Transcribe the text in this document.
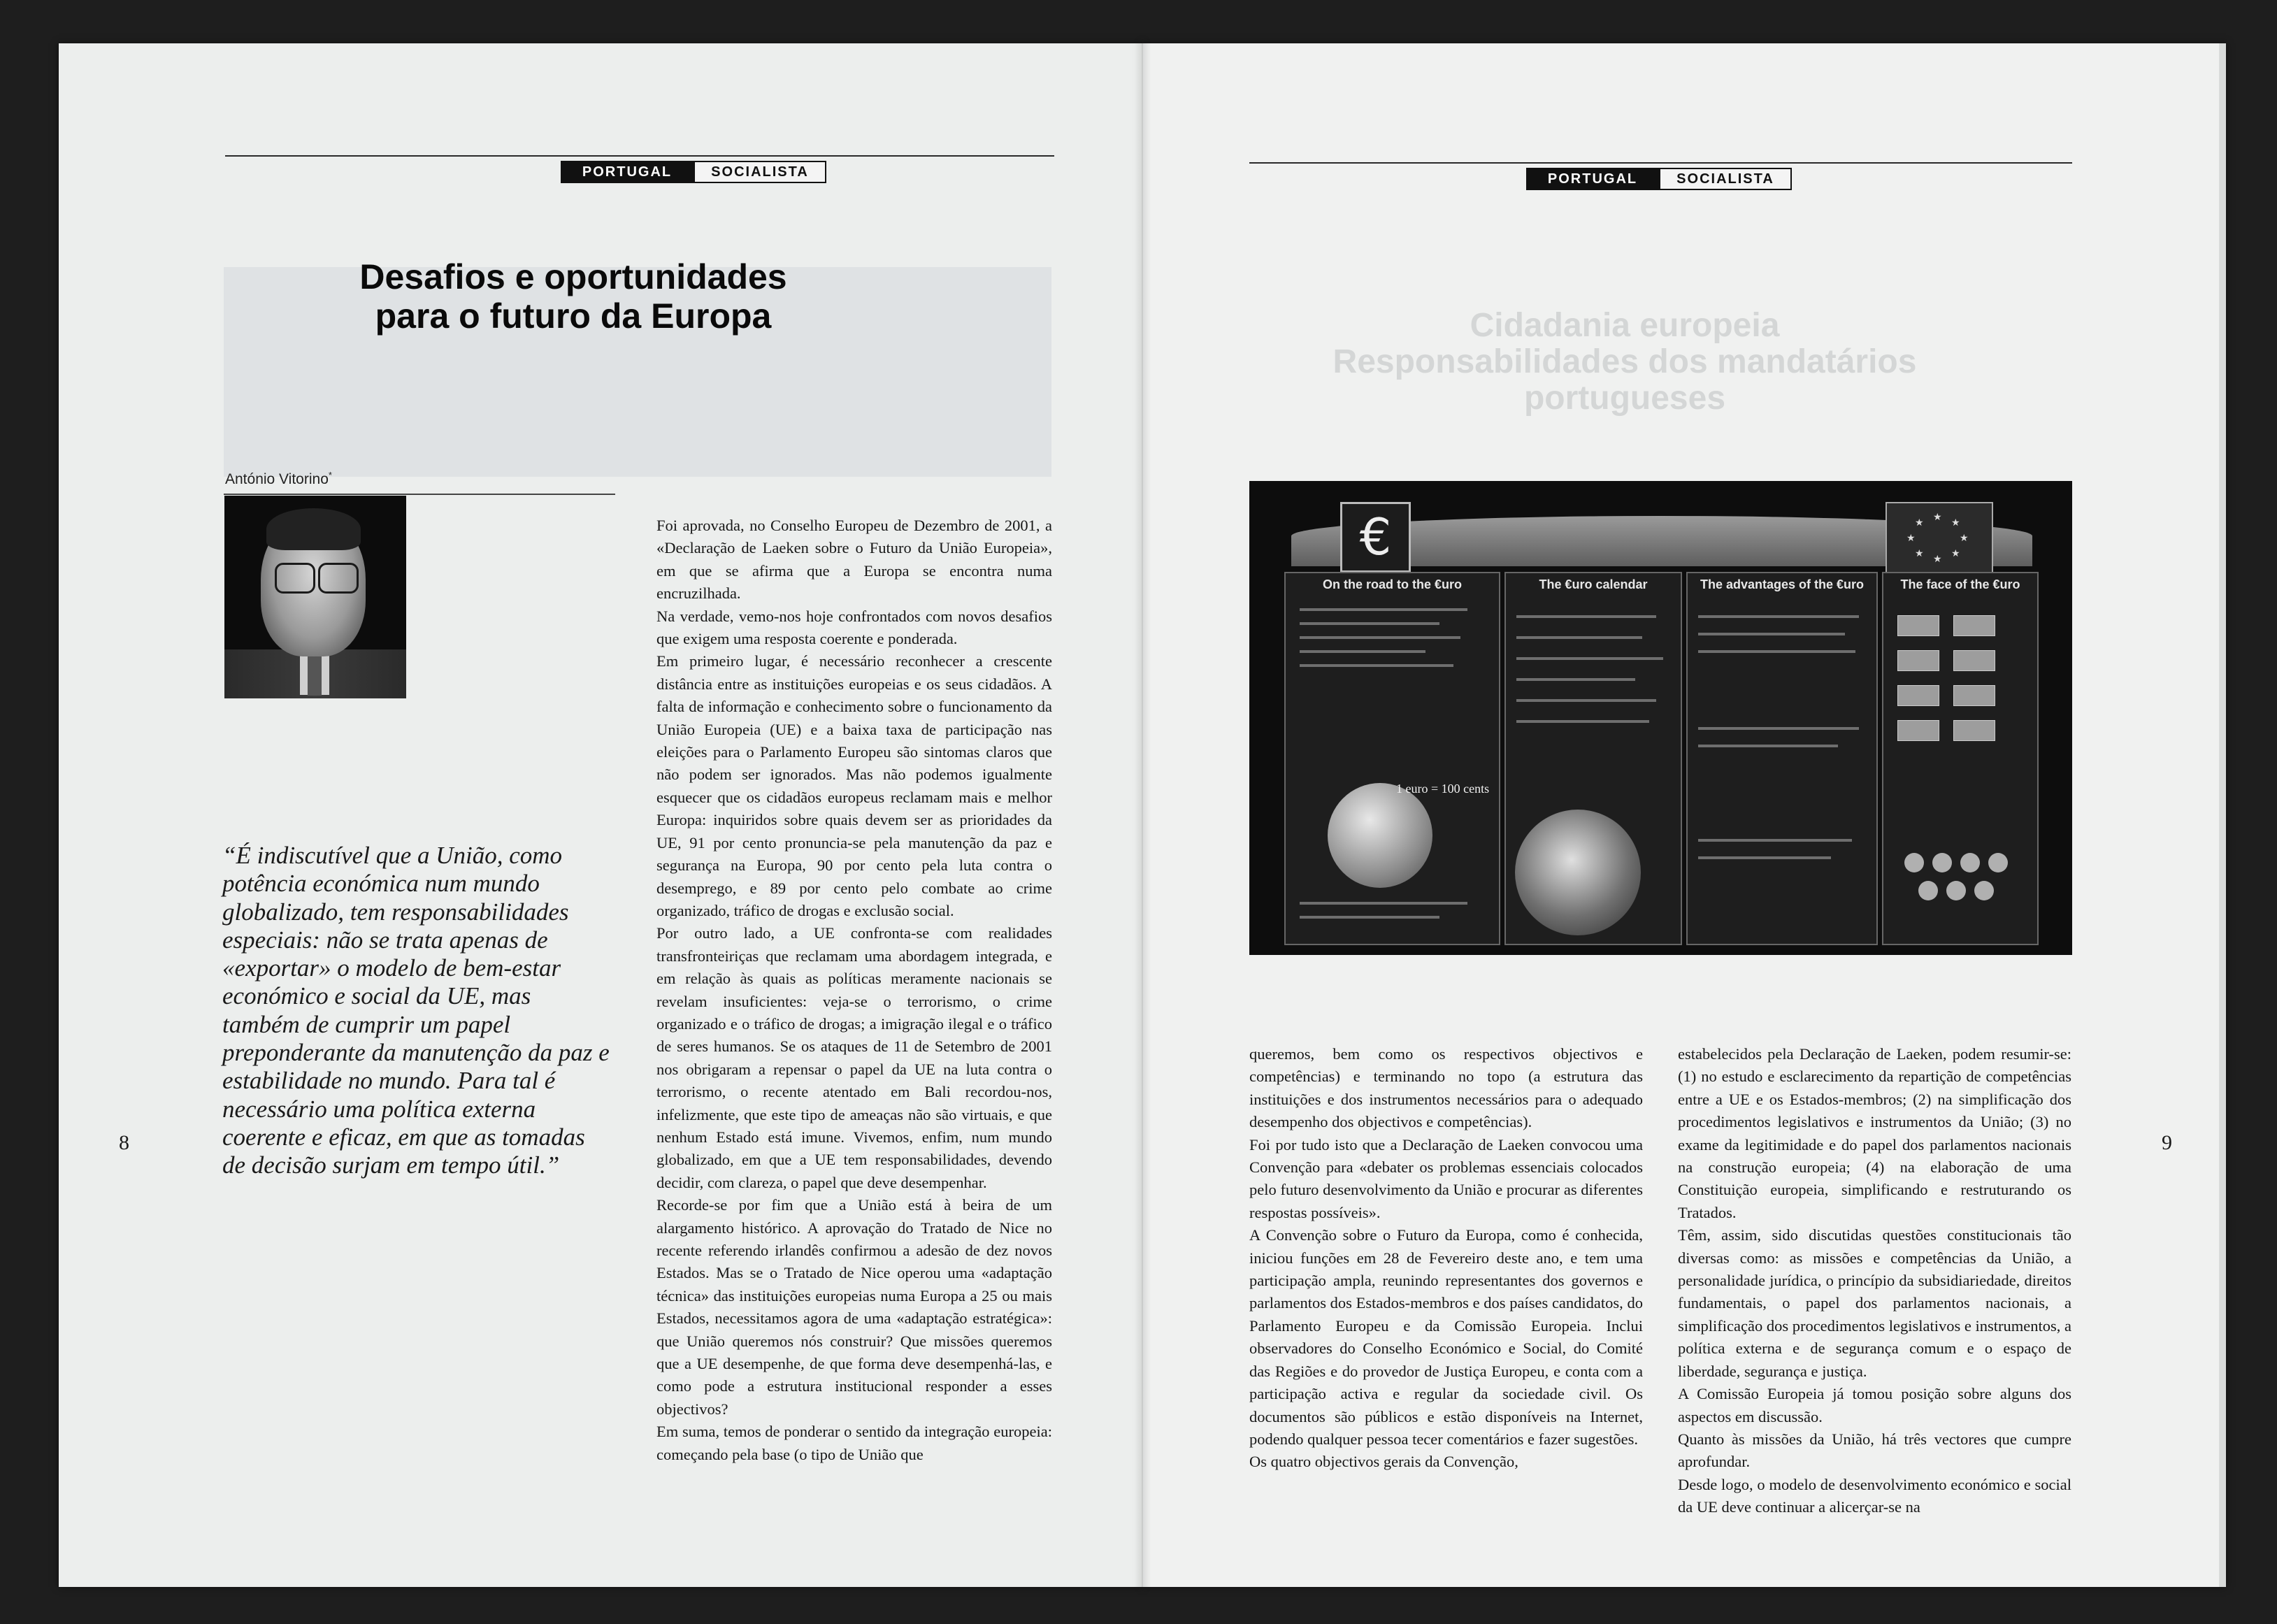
PORTUGAL	SOCIALISTA
Desafios e oportunidades
para o futuro da Europa
António Vitorino*
“É indiscutível que a União, como potência económica num mundo globalizado, tem responsabilidades especiais: não se trata apenas de «exportar» o modelo de bem-estar económico e social da UE, mas também de cumprir um papel preponderante da manutenção da paz e estabilidade no mundo. Para tal é necessário uma política externa coerente e eficaz, em que as tomadas de decisão surjam em tempo útil.”

Foi aprovada, no Conselho Europeu de Dezembro de 2001, a «Declaração de Laeken sobre o Futuro da União Europeia», em que se afirma que a Europa se encontra numa encruzilhada.

Na verdade, vemo-nos hoje confrontados com novos desafios que exigem uma resposta coerente e ponderada.

Em primeiro lugar, é necessário reconhecer a crescente distância entre as instituições europeias e os seus cidadãos. A falta de informação e conhecimento sobre o funcionamento da União Europeia (UE) e a baixa taxa de participação nas eleições para o Parlamento Europeu são sintomas claros que não podem ser ignorados. Mas não podemos igualmente esquecer que os cidadãos europeus reclamam mais e melhor Europa: inquiridos sobre quais devem ser as prioridades da UE, 91 por cento pronuncia-se pela manutenção da paz e segurança na Europa, 90 por cento pela luta contra o desemprego, e 89 por cento pelo combate ao crime organizado, tráfico de drogas e exclusão social.

Por outro lado, a UE confronta-se com realidades transfronteiriças que reclamam uma abordagem integrada, e em relação às quais as políticas meramente nacionais se revelam insuficientes: veja-se o terrorismo, o crime organizado e o tráfico de drogas; a imigração ilegal e o tráfico de seres humanos. Se os ataques de 11 de Setembro de 2001 nos obrigaram a repensar o papel da UE na luta contra o terrorismo, o recente atentado em Bali recordou-nos, infelizmente, que este tipo de ameaças não são virtuais, e que nenhum Estado está imune. Vivemos, enfim, num mundo globalizado, em que a UE tem responsabilidades, devendo decidir, com clareza, o papel que deve desempenhar.

Recorde-se por fim que a União está à beira de um alargamento histórico. A aprovação do Tratado de Nice no recente referendo irlandês confirmou a adesão de dez novos Estados. Mas se o Tratado de Nice operou uma «adaptação técnica» das instituições europeias numa Europa a 25 ou mais Estados, necessitamos agora de uma «adaptação estratégica»: que União queremos nós construir? Que missões queremos que a UE desempenhe, de que forma deve desempenhá-las, e como pode a estrutura institucional responder a esses objectivos?

Em suma, temos de ponderar o sentido da integração europeia: começando pela base (o tipo de União que

8
PORTUGAL	SOCIALISTA
Cidadania europeia
Responsabilidades dos mandatários portugueses
€	★
★
★
★
★
★
★
★
On the road to the €uro
1 euro = 100 cents
The €uro calendar	The advantages of the €uro	The face of the €uro

queremos, bem como os respectivos objectivos e competências) e terminando no topo (a estrutura das instituições e dos instrumentos necessários para o adequado desempenho dos objectivos e competências).

Foi por tudo isto que a Declaração de Laeken convocou uma Convenção para «debater os problemas essenciais colocados pelo futuro desenvolvimento da União e procurar as diferentes respostas possíveis».

A Convenção sobre o Futuro da Europa, como é conhecida, iniciou funções em 28 de Fevereiro deste ano, e tem uma participação ampla, reunindo representantes dos governos e parlamentos dos Estados-membros e dos países candidatos, do Parlamento Europeu e da Comissão Europeia. Inclui observadores do Conselho Económico e Social, do Comité das Regiões e do provedor de Justiça Europeu, e conta com a participação activa e regular da sociedade civil. Os documentos são públicos e estão disponíveis na Internet, podendo qualquer pessoa tecer comentários e fazer sugestões.

Os quatro objectivos gerais da Convenção,

estabelecidos pela Declaração de Laeken, podem resumir-se: (1) no estudo e esclarecimento da repartição de competências entre a UE e os Estados-membros; (2) na simplificação dos procedimentos legislativos e instrumentos da União; (3) no exame da legitimidade e do papel dos parlamentos nacionais na construção europeia; (4) na elaboração de uma Constituição europeia, simplificando e restruturando os Tratados.

Têm, assim, sido discutidas questões constitucionais tão diversas como: as missões e competências da União, a personalidade jurídica, o princípio da subsidiariedade, direitos fundamentais, o papel dos parlamentos nacionais, a simplificação dos procedimentos legislativos e instrumentos, a política externa e de segurança comum e o espaço de liberdade, segurança e justiça.

A Comissão Europeia já tomou posição sobre alguns dos aspectos em discussão.

Quanto às missões da União, há três vectores que cumpre aprofundar.

Desde logo, o modelo de desenvolvimento económico e social da UE deve continuar a alicerçar-se na

9
